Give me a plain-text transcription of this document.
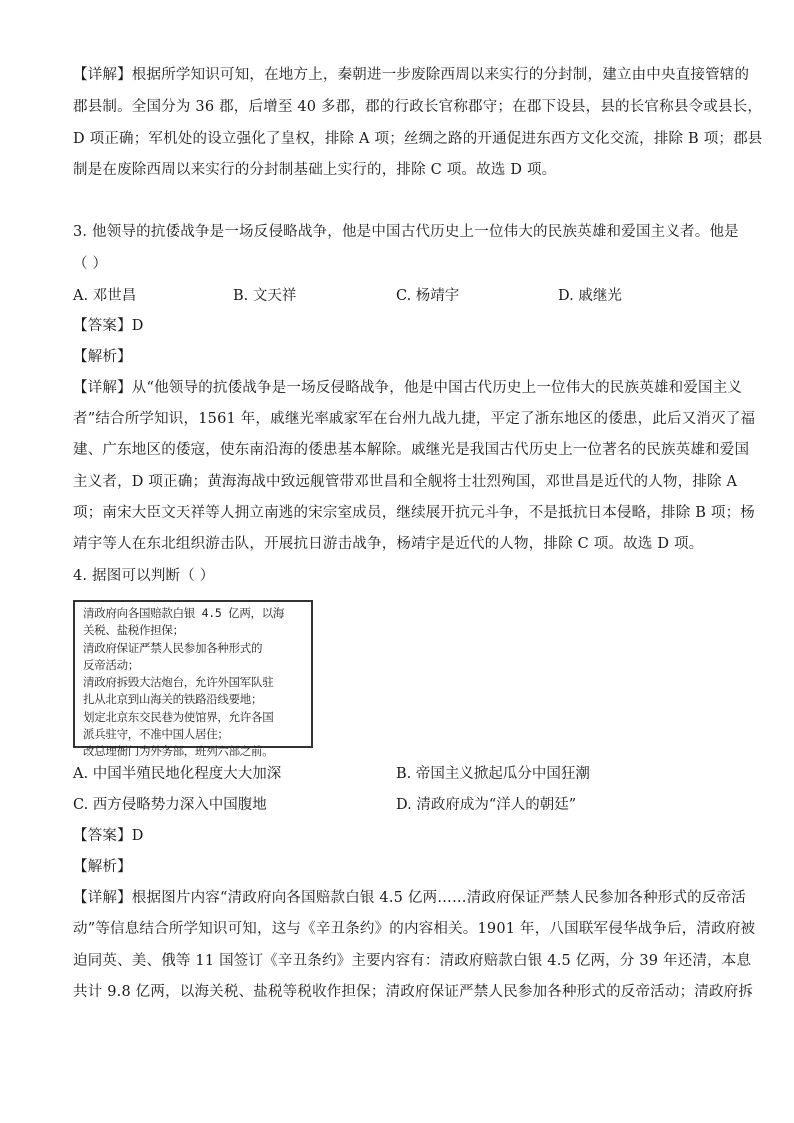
【详解】根据所学知识可知，在地方上，秦朝进一步废除西周以来实行的分封制，建立由中央直接管辖的
郡县制。全国分为 36 郡，后增至 40 多郡，郡的行政长官称郡守；在郡下设县，县的长官称县令或县长，
D 项正确；军机处的设立强化了皇权，排除 A 项；丝绸之路的开通促进东西方文化交流，排除 B 项；郡县
制是在废除西周以来实行的分封制基础上实行的，排除 C 项。故选 D 项。
3. 他领导的抗倭战争是一场反侵略战争，他是中国古代历史上一位伟大的民族英雄和爱国主义者。他是
（ ）
A. 邓世昌	B. 文天祥	C. 杨靖宇	D. 戚继光
【答案】D
【解析】
【详解】从“他领导的抗倭战争是一场反侵略战争，他是中国古代历史上一位伟大的民族英雄和爱国主义
者”结合所学知识，1561 年，戚继光率戚家军在台州九战九捷，平定了浙东地区的倭患，此后又消灭了福
建、广东地区的倭寇，使东南沿海的倭患基本解除。戚继光是我国古代历史上一位著名的民族英雄和爱国
主义者，D 项正确；黄海海战中致远舰管带邓世昌和全舰将士壮烈殉国，邓世昌是近代的人物，排除 A
项；南宋大臣文天祥等人拥立南逃的宋宗室成员，继续展开抗元斗争，不是抵抗日本侵略，排除 B 项；杨
靖宇等人在东北组织游击队，开展抗日游击战争，杨靖宇是近代的人物，排除 C 项。故选 D 项。
4. 据图可以判断（ ）
清政府向各国赔款白银 4.5 亿两，以海
关税、盐税作担保；
清政府保证严禁人民参加各种形式的
反帝活动；
清政府拆毁大沽炮台，允许外国军队驻
扎从北京到山海关的铁路沿线要地；
划定北京东交民巷为使馆界，允许各国
派兵驻守，不准中国人居住；
改总理衙门为外务部，班列六部之前。
A. 中国半殖民地化程度大大加深	B. 帝国主义掀起瓜分中国狂潮
C. 西方侵略势力深入中国腹地	D. 清政府成为“洋人的朝廷”
【答案】D
【解析】
【详解】根据图片内容“清政府向各国赔款白银 4.5 亿两……清政府保证严禁人民参加各种形式的反帝活
动”等信息结合所学知识可知，这与《辛丑条约》的内容相关。1901 年，八国联军侵华战争后，清政府被
迫同英、美、俄等 11 国签订《辛丑条约》主要内容有：清政府赔款白银 4.5 亿两，分 39 年还清，本息
共计 9.8 亿两，以海关税、盐税等税收作担保；清政府保证严禁人民参加各种形式的反帝活动；清政府拆
